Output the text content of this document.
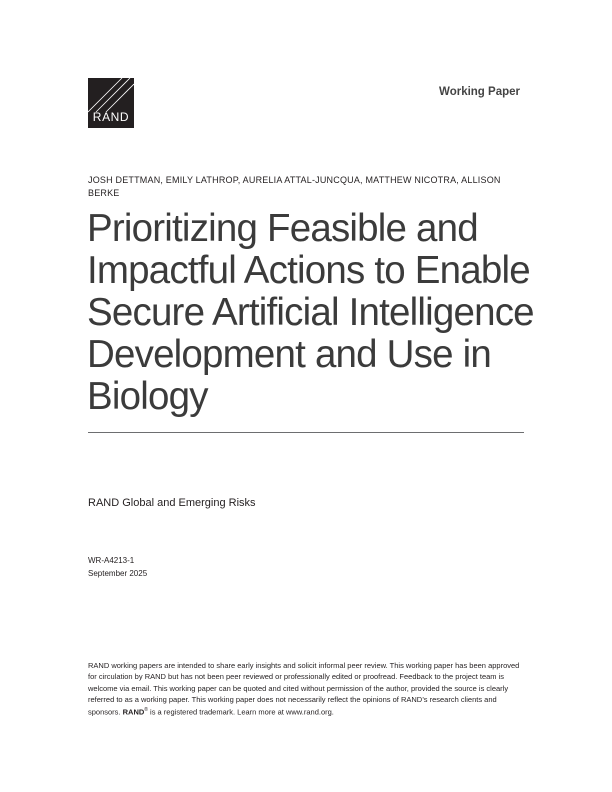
RAND
Working Paper
JOSH DETTMAN, EMILY LATHROP, AURELIA ATTAL-JUNCQUA, MATTHEW NICOTRA, ALLISON BERKE
Prioritizing Feasible and Impactful Actions to Enable Secure Artificial Intelligence Development and Use in Biology
RAND Global and Emerging Risks
WR-A4213-1
September 2025
RAND working papers are intended to share early insights and solicit informal peer review. This working paper has been approved for circulation by RAND but has not been peer reviewed or professionally edited or proofread. Feedback to the project team is welcome via email. This working paper can be quoted and cited without permission of the author, provided the source is clearly referred to as a working paper. This working paper does not necessarily reflect the opinions of RAND’s research clients and sponsors. RAND® is a registered trademark. Learn more at www.rand.org.
